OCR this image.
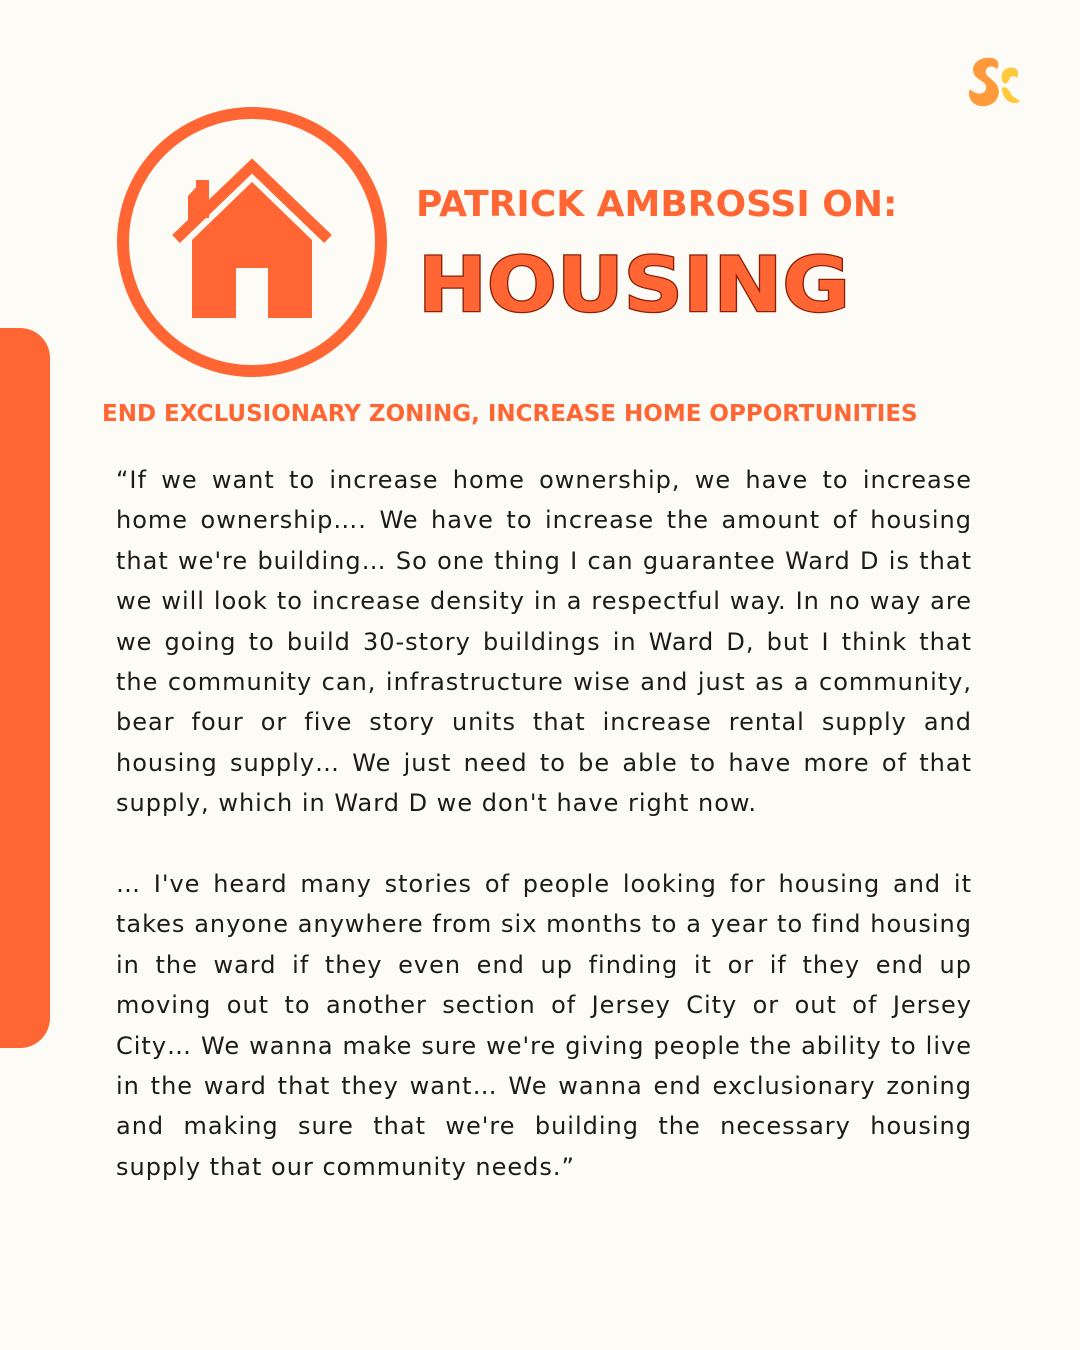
PATRICK AMBROSSI ON:

HOUSING

END EXCLUSIONARY ZONING, INCREASE HOME OPPORTUNITIES

“If we want to increase home ownership, we have to increase home ownership…. We have to increase the amount of housing that we're building… So one thing I can guarantee Ward D is that we will look to increase density in a respectful way. In no way are we going to build 30-story buildings in Ward D, but I think that the community can, infrastructure wise and just as a community, bear four or five story units that increase rental supply and housing supply… We just need to be able to have more of that supply, which in Ward D we don't have right now.

… I've heard many stories of people looking for housing and it takes anyone anywhere from six months to a year to find housing in the ward if they even end up finding it or if they end up moving out to another section of Jersey City or out of Jersey City… We wanna make sure we're giving people the ability to live in the ward that they want… We wanna end exclusionary zoning and making sure that we're building the necessary housing supply that our community needs.”
